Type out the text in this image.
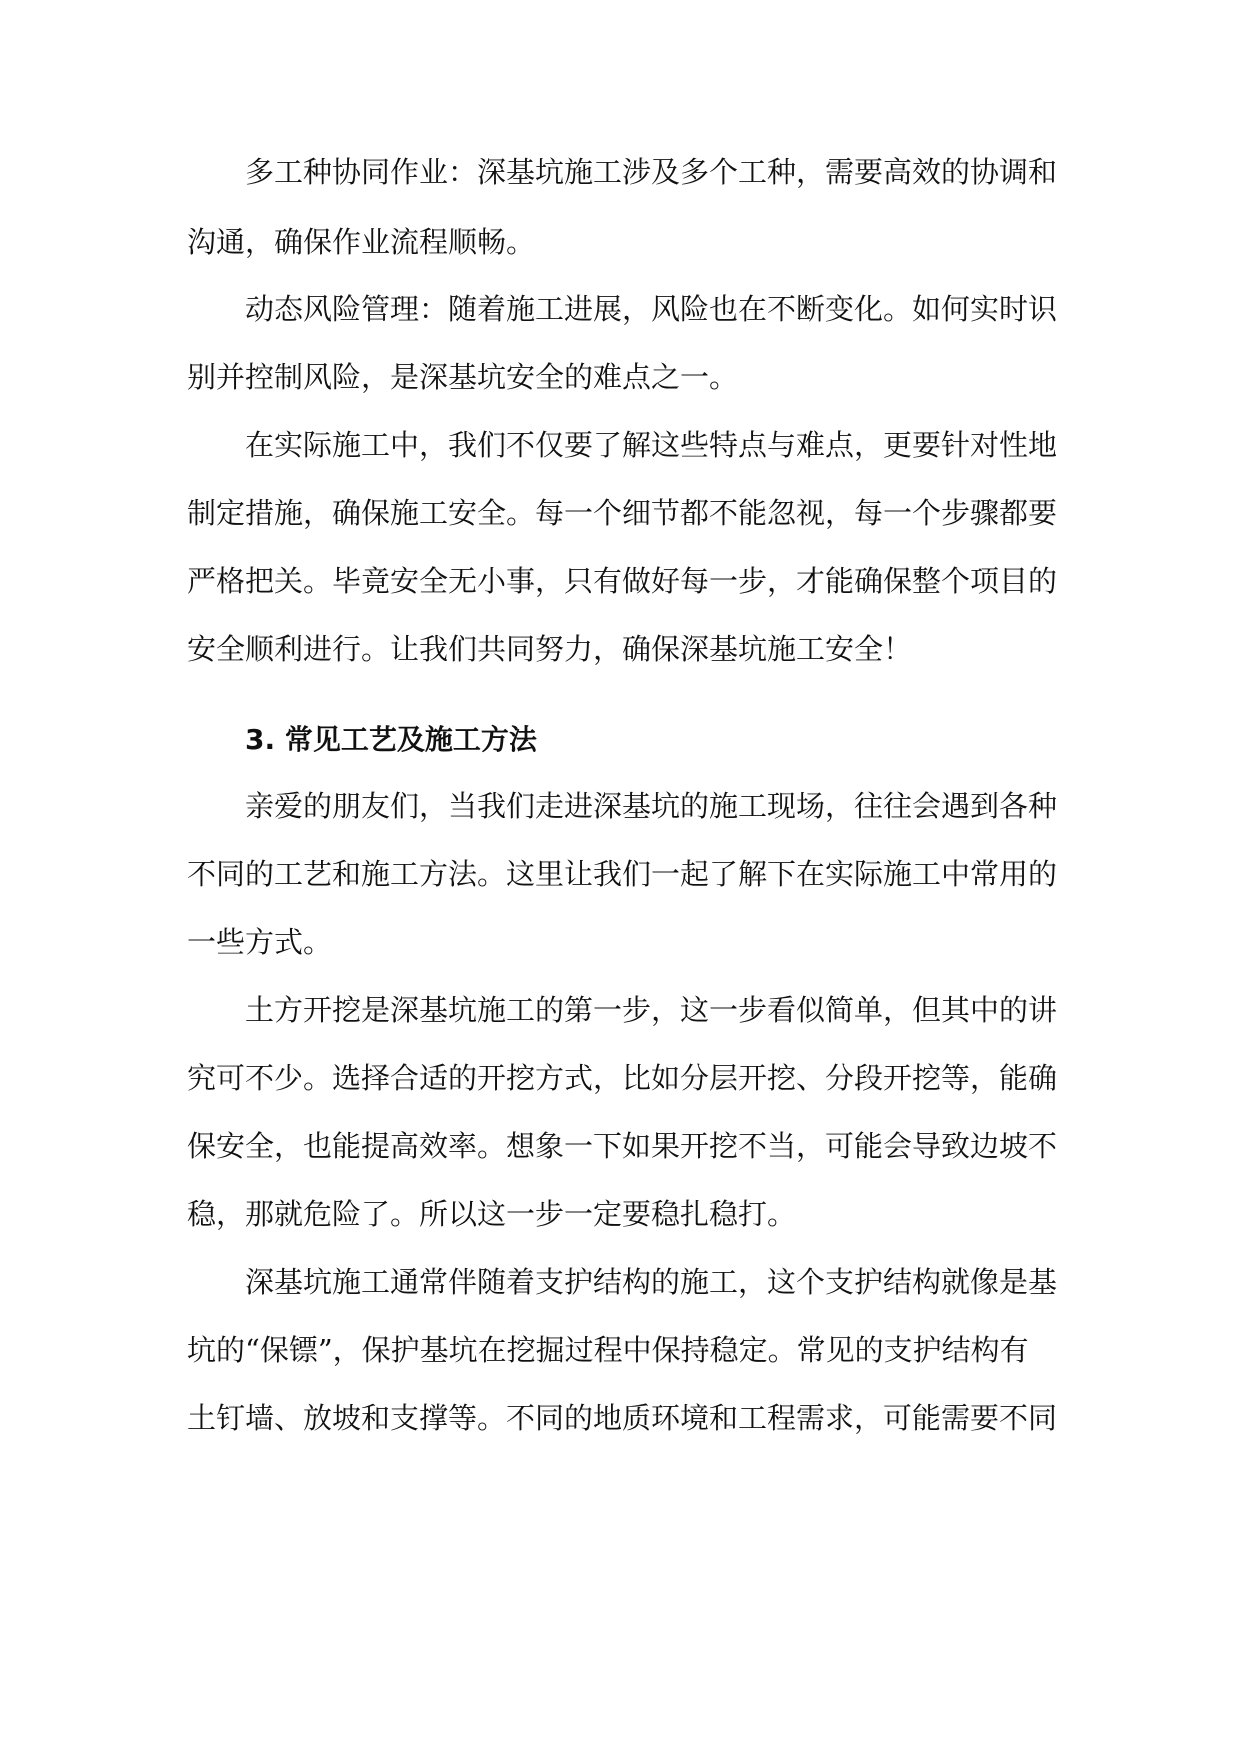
多工种协同作业：深基坑施工涉及多个工种，需要高效的协调和
沟通，确保作业流程顺畅。
动态风险管理：随着施工进展，风险也在不断变化。如何实时识
别并控制风险，是深基坑安全的难点之一。
在实际施工中，我们不仅要了解这些特点与难点，更要针对性地
制定措施，确保施工安全。每一个细节都不能忽视，每一个步骤都要
严格把关。毕竟安全无小事，只有做好每一步，才能确保整个项目的
安全顺利进行。让我们共同努力，确保深基坑施工安全！
3. 常见工艺及施工方法
亲爱的朋友们，当我们走进深基坑的施工现场，往往会遇到各种
不同的工艺和施工方法。这里让我们一起了解下在实际施工中常用的
一些方式。
土方开挖是深基坑施工的第一步，这一步看似简单，但其中的讲
究可不少。选择合适的开挖方式，比如分层开挖、分段开挖等，能确
保安全，也能提高效率。想象一下如果开挖不当，可能会导致边坡不
稳，那就危险了。所以这一步一定要稳扎稳打。
深基坑施工通常伴随着支护结构的施工，这个支护结构就像是基
坑的“保镖”，保护基坑在挖掘过程中保持稳定。常见的支护结构有
土钉墙、放坡和支撑等。不同的地质环境和工程需求，可能需要不同
